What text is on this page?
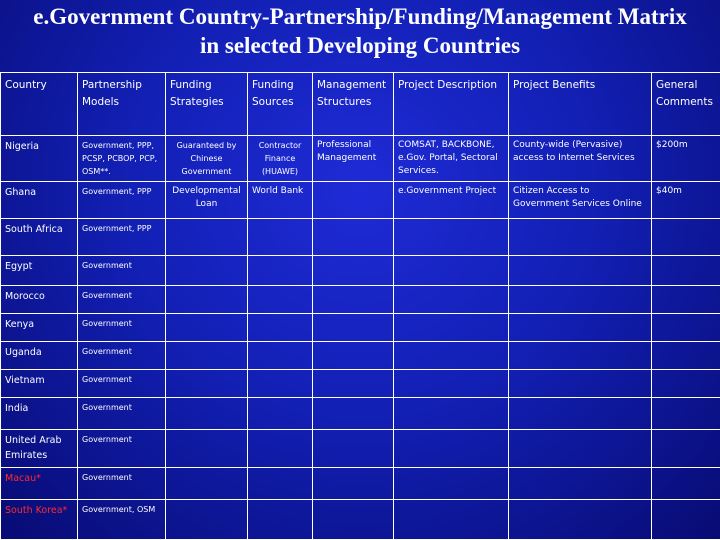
e.Government Country-Partnership/Funding/Management Matrix
in selected Developing Countries
Country	Partnership Models	Funding Strategies	Funding Sources	Management Structures	Project Description	Project Benefits	General Comments
Nigeria	Government, PPP, PCSP, PCBOP, PCP, OSM**.	Guaranteed by Chinese Government	Contractor Finance (HUAWE)	Professional Management	COMSAT, BACKBONE, e.Gov. Portal, Sectoral Services.	County-wide (Pervasive) access to Internet Services	$200m
Ghana	Government, PPP	Developmental Loan	World Bank		e.Government Project	Citizen Access to Government Services Online	$40m
South Africa	Government, PPP						
Egypt	Government						
Morocco	Government						
Kenya	Government						
Uganda	Government						
Vietnam	Government						
India	Government						
United Arab Emirates	Government						
Macau*	Government						
South Korea*	Government, OSM						
